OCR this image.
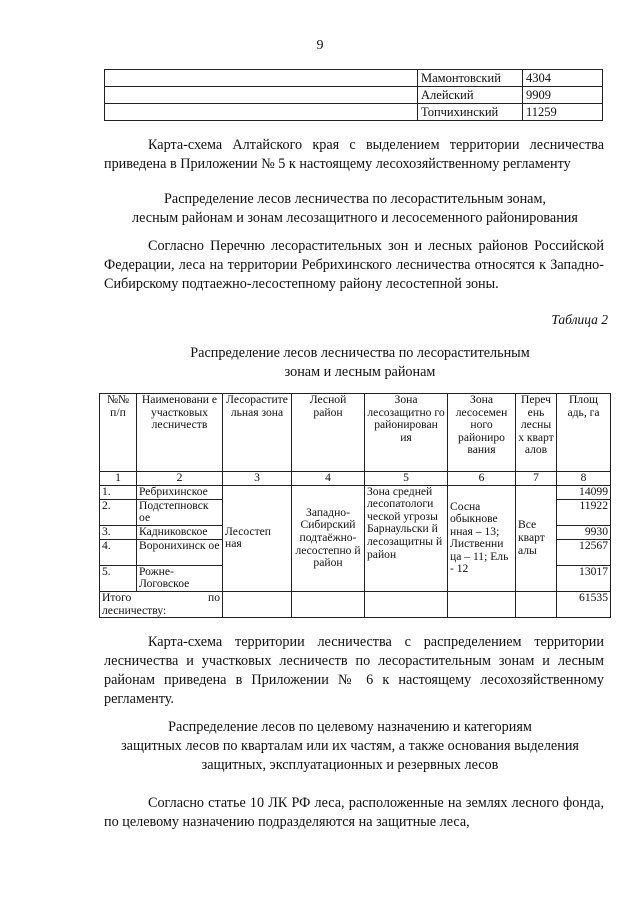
9
	Мамонтовский	4304
	Алейский	9909
	Топчихинский	11259
Карта-схема Алтайского края с выделением территории лесничества приведена в Приложении № 5 к настоящему лесохозяйственному регламенту
Распределение лесов лесничества по лесорастительным зонам,
лесным районам и зонам лесозащитного и лесосеменного районирования
Согласно Перечню лесорастительных зон и лесных районов Российской Федерации, леса на территории Ребрихинского лесничества относятся к Западно-Сибирскому подтаежно-лесостепному району лесостепной зоны.
Таблица 2
Распределение лесов лесничества по лесорастительным
зонам и лесным районам
№№ п/п	Наименовани е участковых лесничеств	Лесорастите льная зона	Лесной район	Зона лесозащитно го районирован ия	Зона лесосемен ного райониро вания	Переч ень лесны х кварт алов	Площ адь, га
1	2	3	4	5	6	7	8
1.	Ребрихинское	Лесостеп ная	Западно-Сибирский подтаёжно-лесостепно й район	Зона средней лесопатологи ческой угрозы Барнаульски й лесозащитны й район	Сосна обыкнове нная – 13; Лиственни ца – 11; Ель - 12	Все кварт алы	14099
2.	Подстепновск ое						11922
3.	Кадниковское						9930
4.	Воронихинск ое						12567
5.	Рожне-Логовское						13017

Итого по
лесничеству:							61535
Карта-схема территории лесничества с распределением территории лесничества и участковых лесничеств по лесорастительным зонам и лесным районам приведена в Приложении № 6 к настоящему лесохозяйственному регламенту.
Распределение лесов по целевому назначению и категориям
защитных лесов по кварталам или их частям, а также основания выделения
защитных, эксплуатационных и резервных лесов
Согласно статье 10 ЛК РФ леса, расположенные на землях лесного фонда, по целевому назначению подразделяются на защитные леса,
